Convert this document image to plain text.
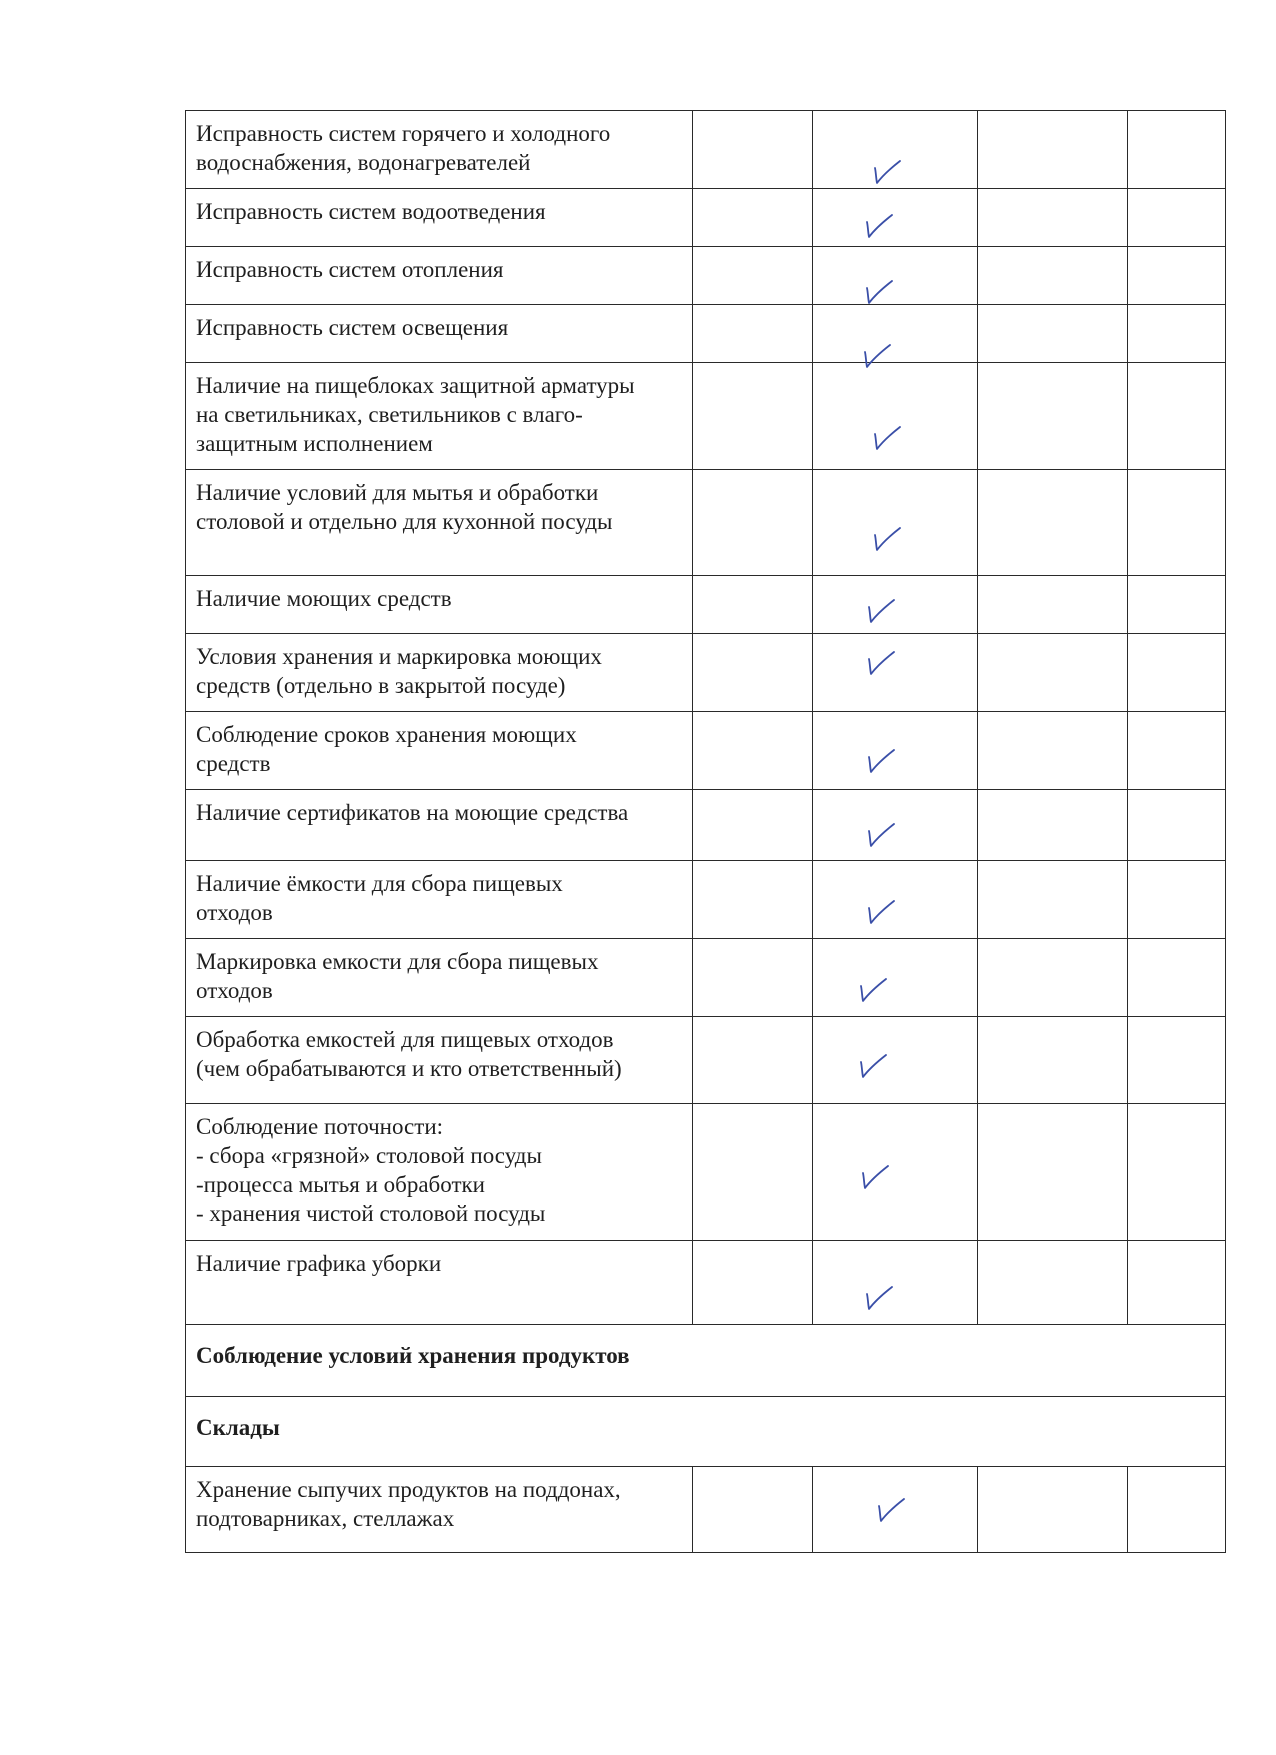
Исправность систем горячего и холодного
водоснабжения, водонагревателей

Исправность систем водоотведения

Исправность систем отопления

Исправность систем освещения

Наличие на пищеблоках защитной арматуры
на светильниках, светильников с влаго-
защитным исполнением

Наличие условий для мытья и обработки
столовой и отдельно для кухонной посуды

Наличие моющих средств

Условия хранения и маркировка моющих
средств (отдельно в закрытой посуде)

Соблюдение сроков хранения моющих
средств

Наличие сертификатов на моющие средства

Наличие ёмкости для сбора пищевых
отходов

Маркировка емкости для сбора пищевых
отходов

Обработка емкостей для пищевых отходов
(чем обрабатываются и кто ответственный)

Соблюдение поточности:
- сбора «грязной» столовой посуды
-процесса мытья и обработки
- хранения чистой столовой посуды

Наличие графика уборки

Соблюдение условий хранения продуктов				
Склады				

Хранение сыпучих продуктов на поддонах,
подтоварниках, стеллажах
